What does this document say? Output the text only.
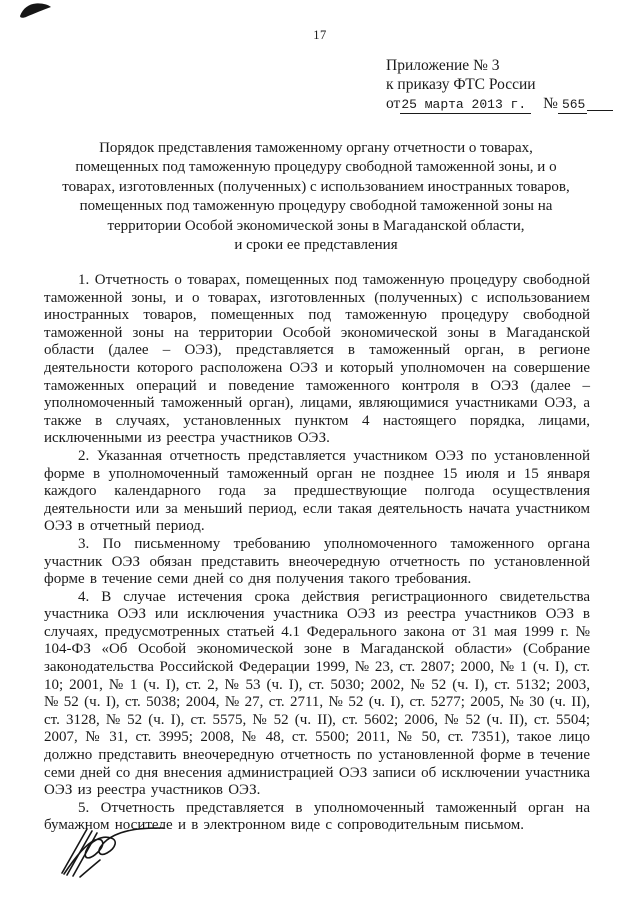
17
Приложение № 3
к приказу ФТС России
от25 марта 2013 г. № 565
Порядок представления таможенному органу отчетности о товарах,
помещенных под таможенную процедуру свободной таможенной зоны, и о
товарах, изготовленных (полученных) с использованием иностранных товаров,
помещенных под таможенную процедуру свободной таможенной зоны на
территории Особой экономической зоны в Магаданской области,
и сроки ее представления

1. Отчетность о товарах, помещенных под таможенную процедуру свободной таможенной зоны, и о товарах, изготовленных (полученных) с использованием иностранных товаров, помещенных под таможенную процедуру свободной таможенной зоны на территории Особой экономической зоны в Магаданской области (далее – ОЭЗ), представляется в таможенный орган, в регионе деятельности которого расположена ОЭЗ и который уполномочен на совершение таможенных операций и поведение таможенного контроля в ОЭЗ (далее – уполномоченный таможенный орган), лицами, являющимися участниками ОЭЗ, а также в случаях, установленных пунктом 4 настоящего порядка, лицами, исключенными из реестра участников ОЭЗ.

2. Указанная отчетность представляется участником ОЭЗ по установленной форме в уполномоченный таможенный орган не позднее 15 июля и 15 января каждого календарного года за предшествующие полгода осуществления деятельности или за меньший период, если такая деятельность начата участником ОЭЗ в отчетный период.

3. По письменному требованию уполномоченного таможенного органа участник ОЭЗ обязан представить внеочередную отчетность по установленной форме в течение семи дней со дня получения такого требования.

4. В случае истечения срока действия регистрационного свидетельства участника ОЭЗ или исключения участника ОЭЗ из реестра участников ОЭЗ в случаях, предусмотренных статьей 4.1 Федерального закона от 31 мая 1999 г. № 104-ФЗ «Об Особой экономической зоне в Магаданской области» (Собрание законодательства Российской Федерации 1999, № 23, ст. 2807; 2000, № 1 (ч. I), ст. 10; 2001, № 1 (ч. I), ст. 2, № 53 (ч. I), ст. 5030; 2002, № 52 (ч. I), ст. 5132; 2003, № 52 (ч. I), ст. 5038; 2004, № 27, ст. 2711, № 52 (ч. I), ст. 5277; 2005, № 30 (ч. II), ст. 3128, № 52 (ч. I), ст. 5575, № 52 (ч. II), ст. 5602; 2006, № 52 (ч. II), ст. 5504; 2007, № 31, ст. 3995; 2008, № 48, ст. 5500; 2011, № 50, ст. 7351), такое лицо должно представить внеочередную отчетность по установленной форме в течение семи дней со дня внесения администрацией ОЭЗ записи об исключении участника ОЭЗ из реестра участников ОЭЗ.

5. Отчетность представляется в уполномоченный таможенный орган на бумажном носителе и в электронном виде с сопроводительным письмом.
